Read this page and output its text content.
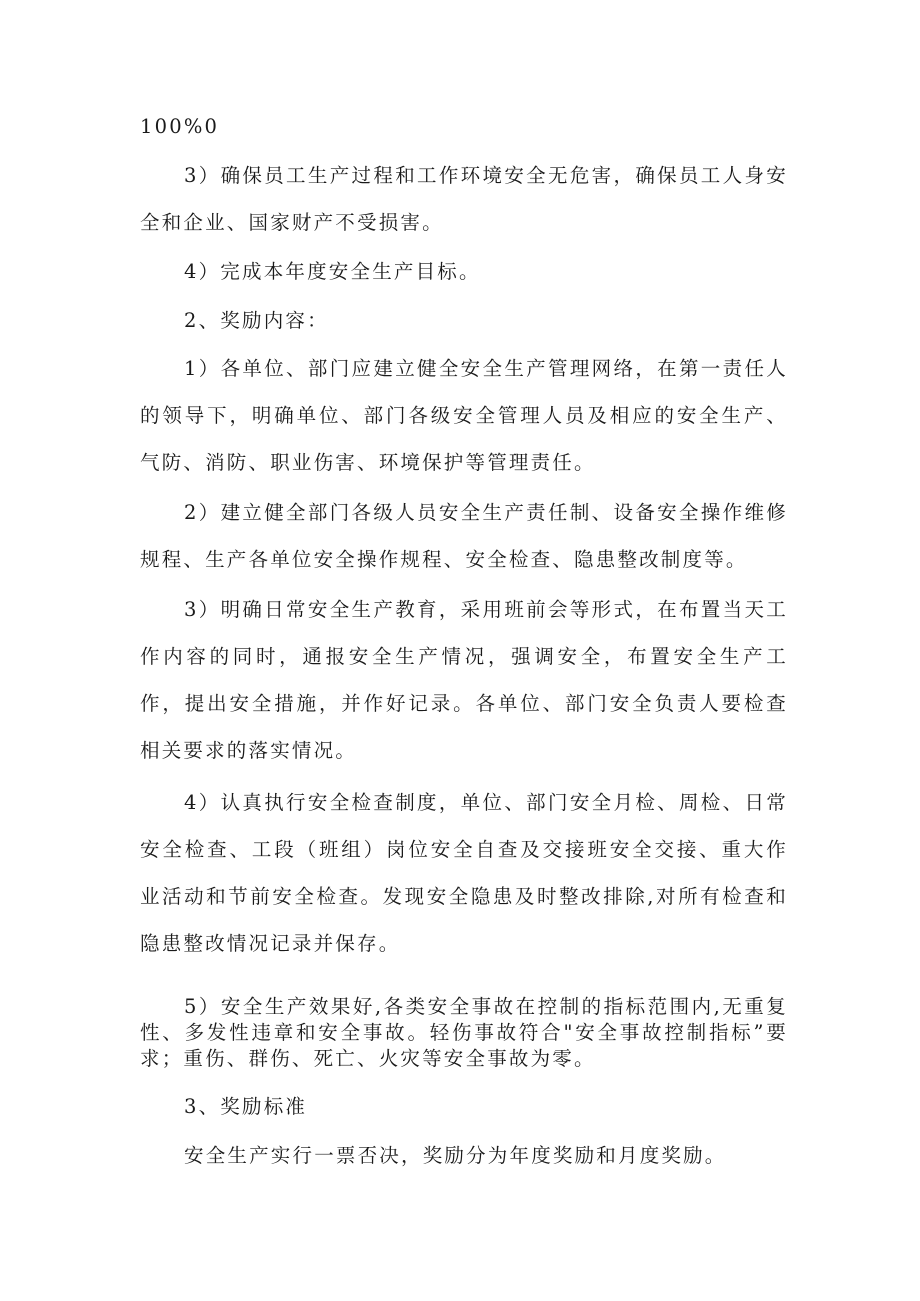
100%0

3）确保员工生产过程和工作环境安全无危害，确保员工人身安全和企业、国家财产不受损害。

4）完成本年度安全生产目标。

2、奖励内容：

1）各单位、部门应建立健全安全生产管理网络，在第一责任人的领导下，明确单位、部门各级安全管理人员及相应的安全生产、气防、消防、职业伤害、环境保护等管理责任。

2）建立健全部门各级人员安全生产责任制、设备安全操作维修规程、生产各单位安全操作规程、安全检查、隐患整改制度等。

3）明确日常安全生产教育，采用班前会等形式，在布置当天工作内容的同时，通报安全生产情况，强调安全，布置安全生产工作，提出安全措施，并作好记录。各单位、部门安全负责人要检查相关要求的落实情况。

4）认真执行安全检查制度，单位、部门安全月检、周检、日常安全检查、工段（班组）岗位安全自查及交接班安全交接、重大作业活动和节前安全检查。发现安全隐患及时整改排除,对所有检查和隐患整改情况记录并保存。

5）安全生产效果好,各类安全事故在控制的指标范围内,无重复性、多发性违章和安全事故。轻伤事故符合"安全事故控制指标”要求；重伤、群伤、死亡、火灾等安全事故为零。

3、奖励标准

安全生产实行一票否决，奖励分为年度奖励和月度奖励。
